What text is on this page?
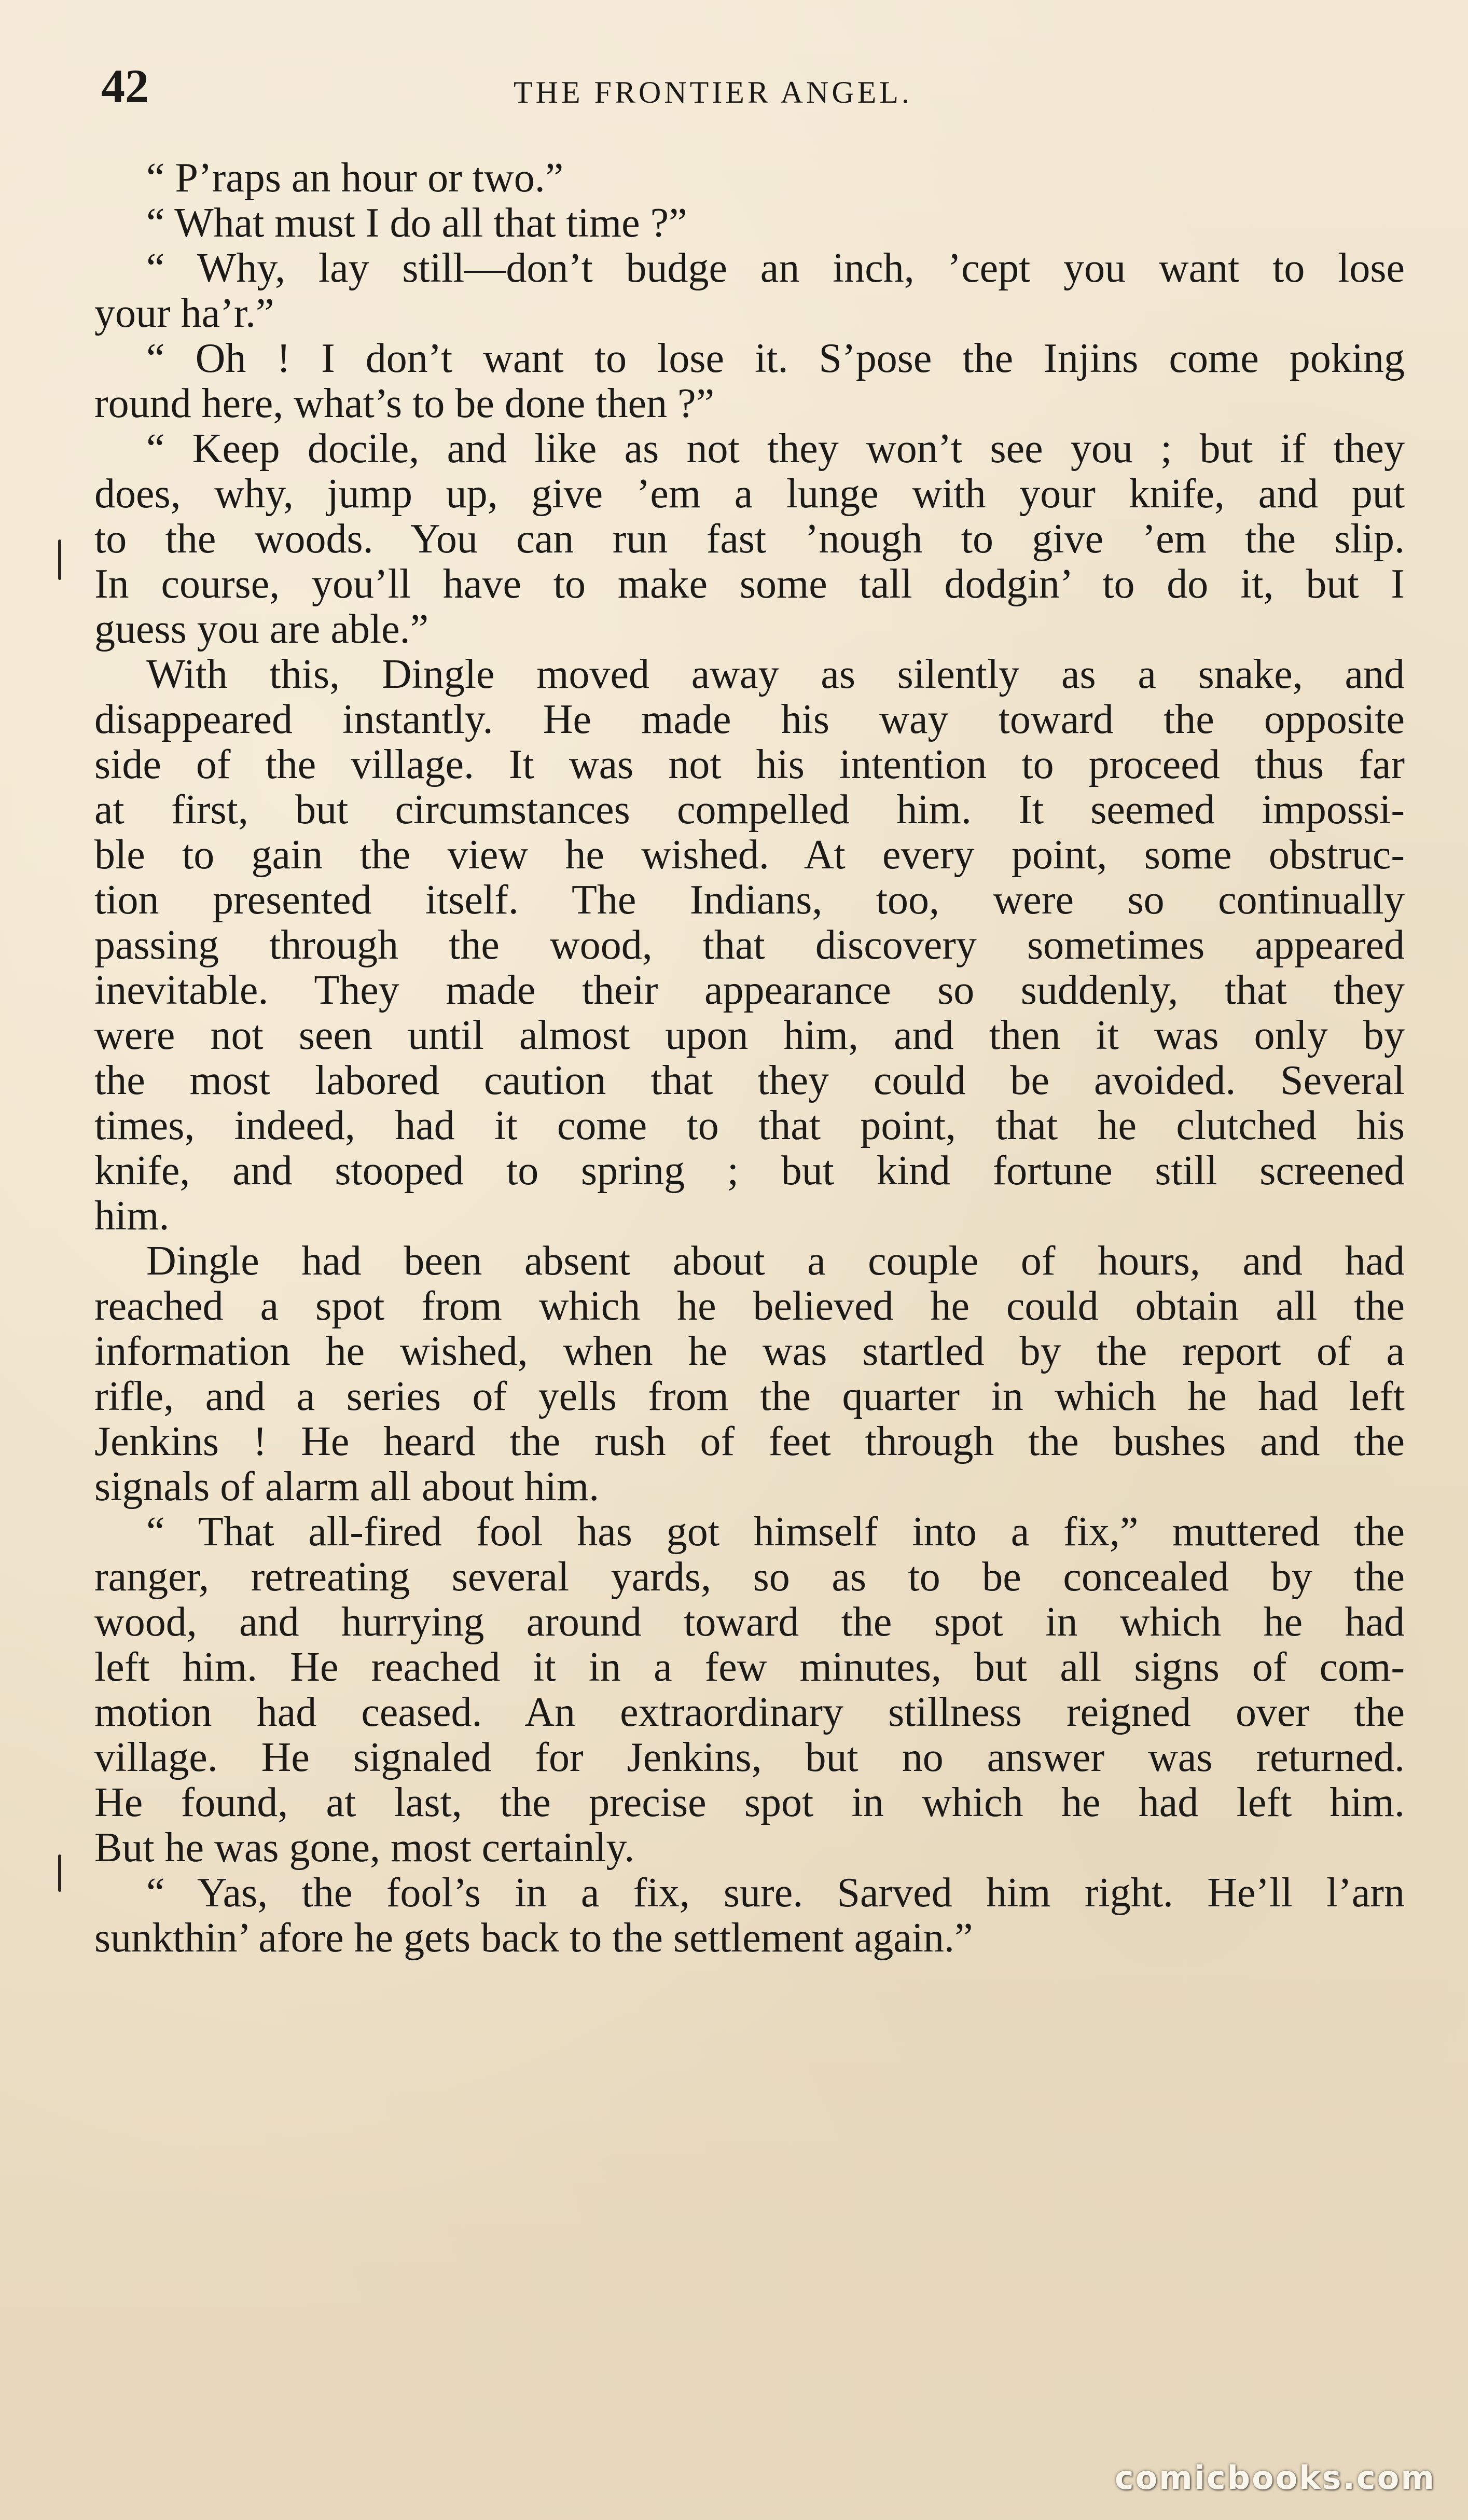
42	THE FRONTIER ANGEL.
“ P’raps an hour or two.”
“ What must I do all that time ?”
“ Why, lay still—don’t budge an inch, ’cept you want to lose
your ha’r.”
“ Oh ! I don’t want to lose it. S’pose the Injins come poking
round here, what’s to be done then ?”
“ Keep docile, and like as not they won’t see you ; but if they
does, why, jump up, give ’em a lunge with your knife, and put
to the woods. You can run fast ’nough to give ’em the slip.
In course, you’ll have to make some tall dodgin’ to do it, but I
guess you are able.”
With this, Dingle moved away as silently as a snake, and
disappeared instantly. He made his way toward the opposite
side of the village. It was not his intention to proceed thus far
at first, but circumstances compelled him. It seemed impossi-
ble to gain the view he wished. At every point, some obstruc-
tion presented itself. The Indians, too, were so continually
passing through the wood, that discovery sometimes appeared
inevitable. They made their appearance so suddenly, that they
were not seen until almost upon him, and then it was only by
the most labored caution that they could be avoided. Several
times, indeed, had it come to that point, that he clutched his
knife, and stooped to spring ; but kind fortune still screened
him.
Dingle had been absent about a couple of hours, and had
reached a spot from which he believed he could obtain all the
information he wished, when he was startled by the report of a
rifle, and a series of yells from the quarter in which he had left
Jenkins ! He heard the rush of feet through the bushes and the
signals of alarm all about him.
“ That all-fired fool has got himself into a fix,” muttered the
ranger, retreating several yards, so as to be concealed by the
wood, and hurrying around toward the spot in which he had
left him. He reached it in a few minutes, but all signs of com-
motion had ceased. An extraordinary stillness reigned over the
village. He signaled for Jenkins, but no answer was returned.
He found, at last, the precise spot in which he had left him.
But he was gone, most certainly.
“ Yas, the fool’s in a fix, sure. Sarved him right. He’ll l’arn
sunkthin’ afore he gets back to the settlement again.”
comicbooks.com
